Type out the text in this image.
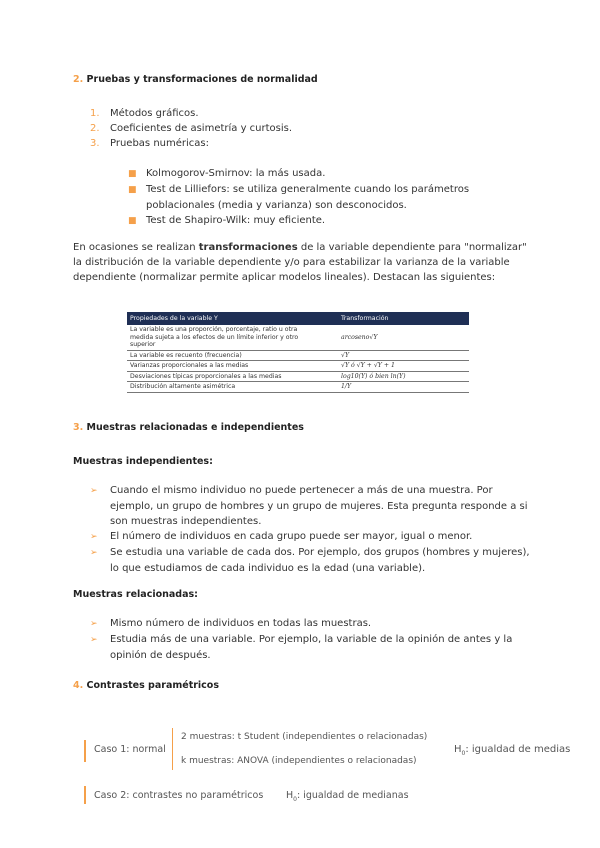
2. Pruebas y transformaciones de normalidad
1. Métodos gráficos.
2. Coeficientes de asimetría y curtosis.
3. Pruebas numéricas:
■ Kolmogorov-Smirnov: la más usada.
■ Test de Lilliefors: se utiliza generalmente cuando los parámetros
poblacionales (media y varianza) son desconocidos.
■ Test de Shapiro-Wilk: muy eficiente.
En ocasiones se realizan transformaciones de la variable dependiente para "normalizar"
la distribución de la variable dependiente y/o para estabilizar la varianza de la variable
dependiente (normalizar permite aplicar modelos lineales). Destacan las siguientes:
Propiedades de la variable Y	Transformación

La variable es una proporción, porcentaje, ratio u otra
medida sujeta a los efectos de un límite inferior y otro
superior	arcoseno√Y
La variable es recuento (frecuencia)	√Y
Varianzas proporcionales a las medias	√Y ó √Y + √Y + 1
Desviaciones típicas proporcionales a las medias	log10(Y) ó bien ln(Y)
Distribución altamente asimétrica	1/Y
3. Muestras relacionadas e independientes
Muestras independientes:
➢ Cuando el mismo individuo no puede pertenecer a más de una muestra. Por
ejemplo, un grupo de hombres y un grupo de mujeres. Esta pregunta responde a si
son muestras independientes.
➢ El número de individuos en cada grupo puede ser mayor, igual o menor.
➢ Se estudia una variable de cada dos. Por ejemplo, dos grupos (hombres y mujeres),
lo que estudiamos de cada individuo es la edad (una variable).
Muestras relacionadas:
➢ Mismo número de individuos en todas las muestras.
➢ Estudia más de una variable. Por ejemplo, la variable de la opinión de antes y la
opinión de después.
4. Contrastes paramétricos
Caso 1: normal
2 muestras: t Student (independientes o relacionadas)
k muestras: ANOVA (independientes o relacionadas)
$H_0$: igualdad de medias
Caso 2: contrastes no paramétricos $H_0$: igualdad de medianas
